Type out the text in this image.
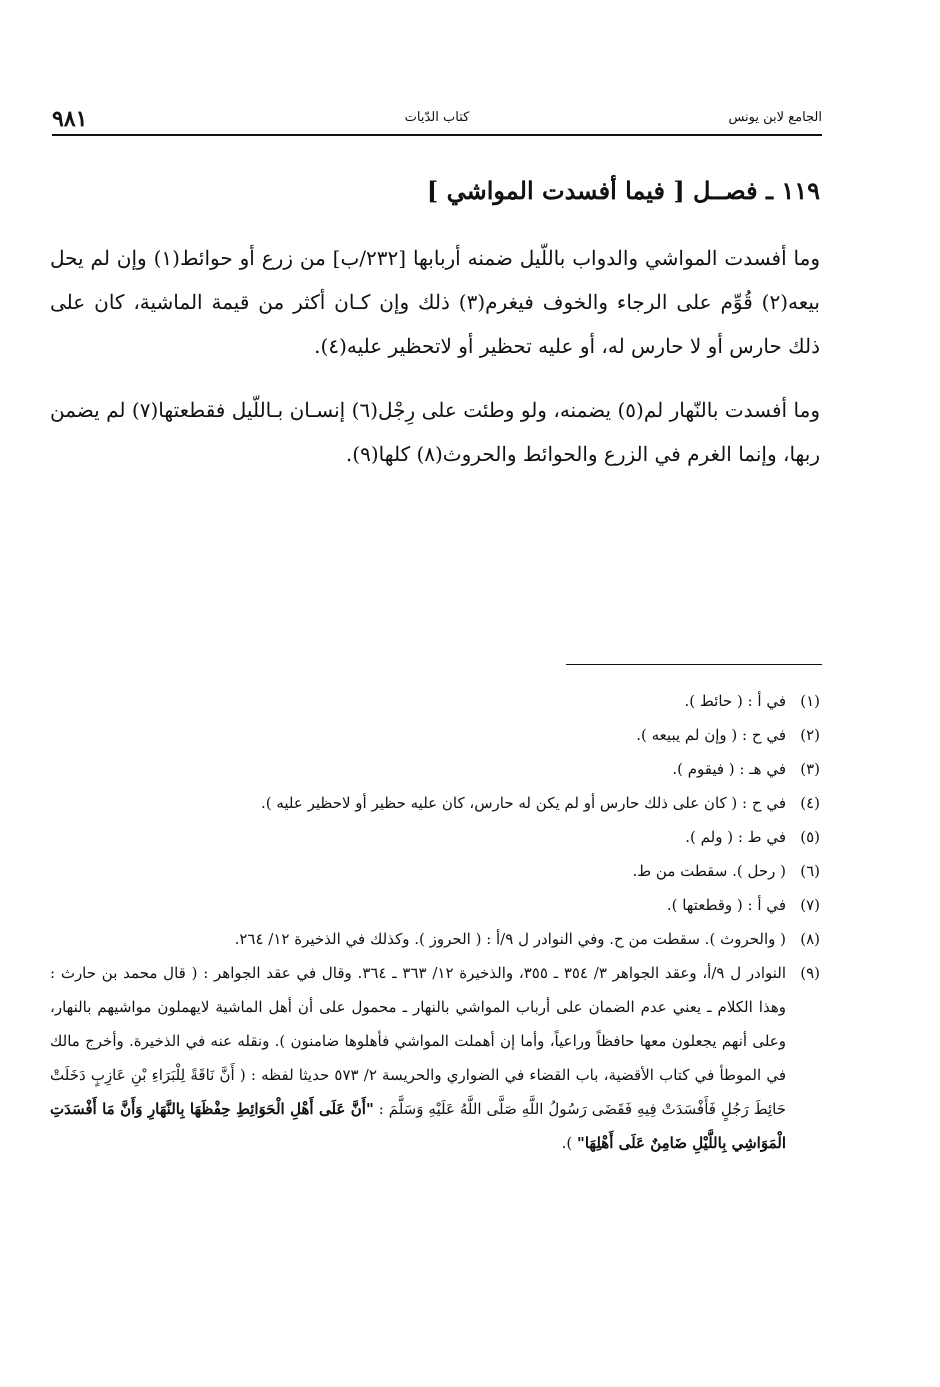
الجامع لابن يونس
كتاب الدّيات
٩٨١
١١٩ ـ فصــل [ فيما أفسدت المواشي ]

وما أفسدت المواشي والدواب باللّيل ضمنه أربابها [٢٣٢/ب] من زرع أو حوائط(١) وإن لم يحل بيعه(٢) قُوِّم على الرجاء والخوف فيغرم(٣) ذلك وإن كـان أكثر من قيمة الماشية، كان على ذلك حارس أو لا حارس له، أو عليه تحظير أو لاتحظير عليه(٤).

وما أفسدت بالنّهار لم(٥) يضمنه، ولو وطئت على رِجْل(٦) إنسـان بـاللّيل فقطعتها(٧) لم يضمن ربها، وإنما الغرم في الزرع والحوائط والحروث(٨) كلها(٩).

(١)
في أ : ( حائط ).
(٢)
في ح : ( وإن لم يبيعه ).
(٣)
في هـ : ( فيقوم ).
(٤)
في ح : ( كان على ذلك حارس أو لم يكن له حارس، كان عليه حظير أو لاحظير عليه ).
(٥)
في ط : ( ولم ).
(٦)
( رحل ). سقطت من ط.
(٧)
في أ : ( وقطعتها ).
(٨)
( والحروث ). سقطت من ح. وفي النوادر ل ٩/أ : ( الحروز ). وكذلك في الذخيرة ١٢/ ٢٦٤.
(٩)
النوادر ل ٩/أ، وعقد الجواهر ٣/ ٣٥٤ ـ ٣٥٥، والذخيرة ١٢/ ٣٦٣ ـ ٣٦٤. وقال في عقد الجواهر : ( قال محمد بن حارث : وهذا الكلام ـ يعني عدم الضمان على أرباب المواشي بالنهار ـ محمول على أن أهل الماشية لايهملون مواشيهم بالنهار، وعلى أنهم يجعلون معها حافظاً وراعياً، وأما إن أهملت المواشي فأهلوها ضامنون ). ونقله عنه في الذخيرة. وأخرج مالك في الموطأ في كتاب الأقضية، باب القضاء في الضواري والحريسة ٢/ ٥٧٣ حديثا لفظه : ( أَنَّ نَاقَةً لِلْبَرَاءِ بْنِ عَازِبٍ دَخَلَتْ حَائِطَ رَجُلٍ فَأَفْسَدَتْ فِيهِ فَقَضَى رَسُولُ اللَّهِ صَلَّى اللَّهُ عَلَيْهِ وَسَلَّمَ : "أَنَّ عَلَى أَهْلِ الْحَوَائِطِ حِفْظَهَا بِالنَّهَارِ وَأَنَّ مَا أَفْسَدَتِ الْمَوَاشِي بِاللَّيْلِ ضَامِنٌ عَلَى أَهْلِهَا" ).
